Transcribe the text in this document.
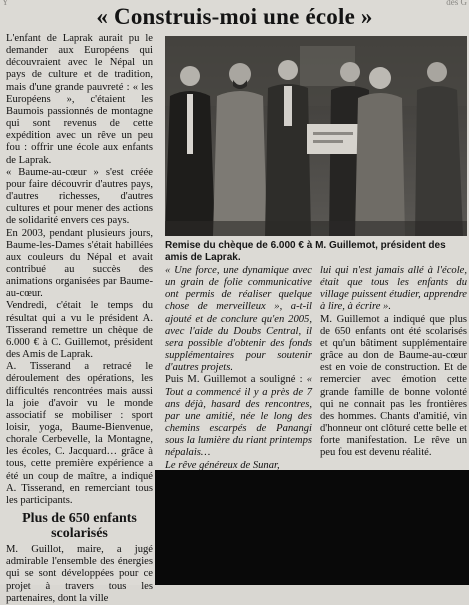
Y	des G
« Construis-moi une école »

L'enfant de Laprak aurait pu le demander aux Européens qui découvraient avec le Népal un pays de culture et de tradition, mais d'une grande pauvreté : « les Européens », c'étaient les Baumois passionnés de montagne qui sont revenus de cette expédition avec un rêve un peu fou : offrir une école aux enfants de Laprak.

« Baume-au-cœur » s'est créée pour faire découvrir d'autres pays, d'autres richesses, d'autres cultures et pour mener des actions de solidarité envers ces pays.

En 2003, pendant plusieurs jours, Baume-les-Dames s'était habillées aux couleurs du Népal et avait contribué au succès des animations organisées par Baume-au-cœur.

Vendredi, c'était le temps du résultat qui a vu le président A. Tisserand remettre un chèque de 6.000 € à C. Guillemot, président des Amis de Laprak.

A. Tisserand a retracé le déroulement des opérations, les difficultés rencontrées mais aussi la joie d'avoir vu le monde associatif se mobiliser : sport loisir, yoga, Baume-Bienvenue, chorale Cerbevelle, la Montagne, les écoles, C. Jacquard… grâce à tous, cette première expérience a été un coup de maître, a indiqué A. Tisserand, en remerciant tous les participants.

Plus de 650 enfants scolarisés

M. Guillot, maire, a jugé admirable l'ensemble des énergies qui se sont développées pour ce projet à travers tous les partenaires, dont la ville

Remise du chèque de 6.000 € à M. Guillemot, président des amis de Laprak.

« Une force, une dynamique avec un grain de folie communicative ont permis de réaliser quelque chose de merveilleux », a-t-il ajouté et de conclure qu'en 2005, avec l'aide du Doubs Central, il sera possible d'obtenir des fonds supplémentaires pour soutenir d'autres projets.

Puis M. Guillemot a souligné : « Tout a commencé il y a près de 7 ans déjà, hasard des rencontres, par une amitié, née le long des chemins escarpés de Panangi sous la lumière du riant printemps népalais…

Le rêve généreux de Sunar,

lui qui n'est jamais allé à l'école, était que tous les enfants du village puissent étudier, apprendre à lire, à écrire ».

M. Guillemot a indiqué que plus de 650 enfants ont été scolarisés et qu'un bâtiment supplémentaire grâce au don de Baume-au-cœur est en voie de construction. Et de remercier avec émotion cette grande famille de bonne volonté qui ne connait pas les frontières des hommes. Chants d'amitié, vin d'honneur ont clôturé cette belle et forte manifestation. Le rêve un peu fou est devenu réalité.
